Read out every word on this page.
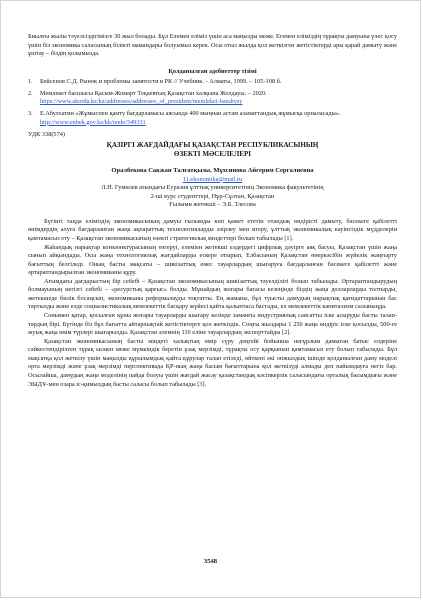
Биылғы жылы тәуелсіздігімізге 30 жыл болады. Бұл Елемен еліміз үшін аса маңызды меже. Егемен еліміздің тұрақты дамуына үлес қосу үшін біз экономика саласының білікті мамандары болуымыз керек. Осы отыз жылда қол жеткізген жетістіктерді ары қарай дамыту және ұштау – біздің қолымызда.

Қолданылған әдебиеттер тізімі

1.	Бейсенов С.Д. Рынок и проблемы занятости в РК // Учебник. - Алматы, 1999. – 105-108 б.
2.	Мемлекет басшысы Қасым-Жомарт Тоқаевтың Қазақстан халқына Жолдауы. – 2020. https://www.akorda.kz/kz/addresses/addresses_of_president/memleket-basshysy
3.	Е.Абулхатин «Жұмыспен қамту бағдарламасы аясында 400 мыңнан астам азаматтандық жұмысқа орналасады». http://www.enbek.gov.kz/kk/node/349331

УДК 338(574)

ҚАЗІРГІ ЖАҒДАЙДАҒЫ ҚАЗАҚСТАН РЕСПУБЛИКАСЫНЫҢ
ӨЗЕКТІ МӘСЕЛЕЛЕРІ

Оралбекова Сакжан Талғатқызы, Мұхсинова Айгерим Сергалиевна

11.ekonomika@mail.ru

Л.Н. Гумилев атындағы Еуразия ұлттық университетінің Экономика факультетінің

2-ші курс студенттері, Нұр-Сұлтан, Қазақстан

Ғылыми жетекші – Э.Б. Тлесова

Бүгінгі таңда еліміздің экономикасының дамуы ғылымды көп қажет ететін отандық өндірісті дамыту, бәсекеге қабілетті өнімдердің алуға бағдарланған жаңа ақпараттық технологияларды әзірлеу мен игеру, ұлттық экономикалық кауіпсіздік мүдделерін қамтамасыз ету – Қазақстан экономикасының өзекті стратегиялық міндеттері болып табылады [1].

Жаһандық нарықтар конъюнктурасының өзгеруі, елеміен жетекші елдердегі цифрлық дәуірге аяқ басуы, Қазақстан үшін жаңа сынып айқындады. Осы жаңа технологиялық жағдайларды ескере отырып, Елбасының Қазақстан өнеркәсібін жүйелік жаңғырту бағыттың белгіледі. Оның басты мақсаты – шикізаттық емес тауарлардың шығаруға бағдарланған бәсекеге қабілетті және әртараптандырылған экономиканы құру.

Ағымдағы дағдарыстың бір себебі – Қазақстан экономикасының шикізаттық тәуелділігі болып табылады. Әртараптандырудың болмауының негізгі себебі – «ресурстық қарғыс» болды. Мұнайдың жоғары бағасы кезеңінде біздің жаңа долларларды толтырды, жетекшеде билік босаңсып, экономиканы реформалауды тоқтатты. Ең жаманы, бұл туысты дамудың нарықтық қағидаттарынан бас тартылды және елде социалистикалық мемлекеттік басқару жүйесі қайта қалыптаса бастады, ел мемлекеттік капитализм салыныңда.

Сонымен қатар, қосылған құны жоғары тауарларды шығару кезінде заманғы индустриялық саясатты іске асыруды басты талаптардың бірі. Бүгінде біз бұл бағытта айтарлықтай жетістіктерге қол жеткіздік. Соңғы жылдары 1 250 жаңа өндіріс іске қосылды, 500-ге жуық жаңа өнім түрлері шығарылды. Қазақстан әлемнің 110 еліне тауарлардың экспорттайды [2].

Қазақстан экономикасының басты міндеті халықтың өмір сүру деңгейі бойынша неғұрлым дамыған батыс елдеріне сәйкестендірілген тұрақ ысмен меже мүмкіндік беретін ұзақ мерзімді, тұрақты осу қарқынын қамтамасыз ету болып табылады. Бұл мақсатқа қол жеткізу үшін маңызды құрылымдық қайта құрулар талап етіледі, өйткені екі онжылдық ішінде қолданылған даму моделі орта мерзімді және ұзақ мерзімді перспективада ҚР-ның жаңа басым бағыттарына қол жеткізуді алмады деп пайымдауға негіз бар. Осылайша, дамудың жаңа моделінің пайда болуы үшін жағдай жасау қазақстандық кәсіпкерлік саласындағы орталық басымдығы және ЭЫДҰ-мен озара іс-қимылдың басты саласы болып табылады [3].

3548
